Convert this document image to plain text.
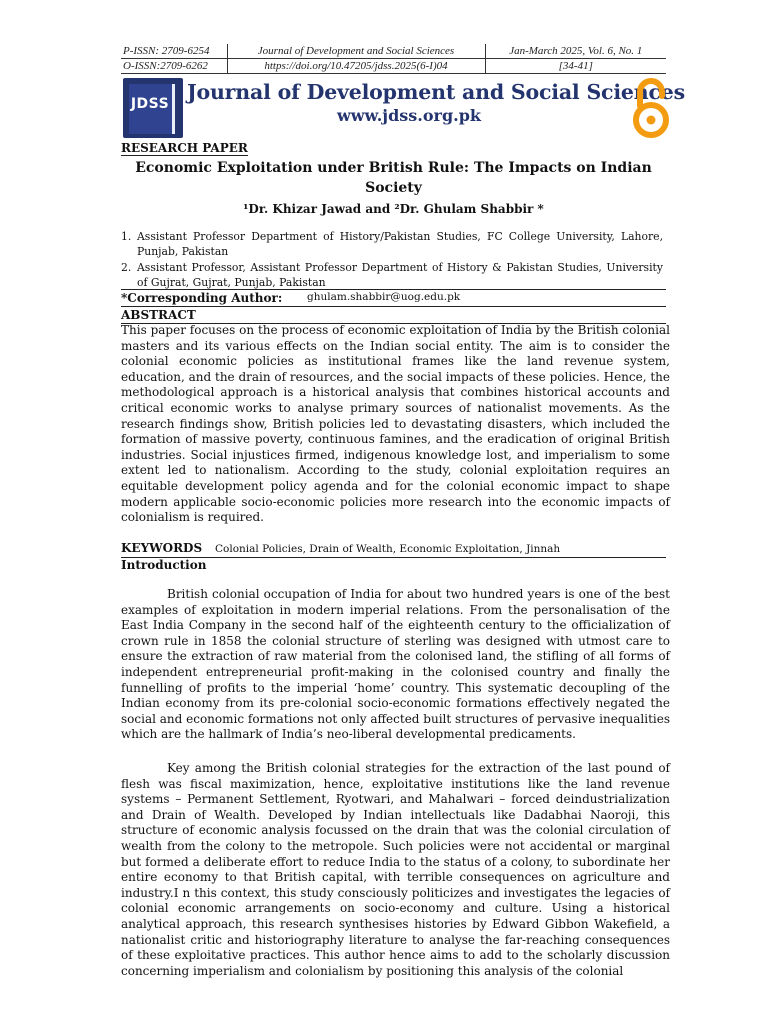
P-ISSN: 2709-6254	Journal of Development and Social Sciences	Jan-March 2025, Vol. 6, No. 1
O-ISSN:2709-6262	https://doi.org/10.47205/jdss.2025(6-I)04	[34-41]
JDSS Journal of Development and Social Sciences
www.jdss.org.pk
RESEARCH PAPER
Economic Exploitation under British Rule: The Impacts on Indian Society
¹Dr. Khizar Jawad and ²Dr. Ghulam Shabbir *
1. Assistant Professor Department of History/Pakistan Studies, FC College University, Lahore, Punjab, Pakistan
2. Assistant Professor, Assistant Professor Department of History & Pakistan Studies, University of Gujrat, Gujrat, Punjab, Pakistan
*Corresponding Author: ghulam.shabbir@uog.edu.pk
ABSTRACT
This paper focuses on the process of economic exploitation of India by the British colonial masters and its various effects on the Indian social entity. The aim is to consider the colonial economic policies as institutional frames like the land revenue system, education, and the drain of resources, and the social impacts of these policies. Hence, the methodological approach is a historical analysis that combines historical accounts and critical economic works to analyse primary sources of nationalist movements. As the research findings show, British policies led to devastating disasters, which included the formation of massive poverty, continuous famines, and the eradication of original British industries. Social injustices firmed, indigenous knowledge lost, and imperialism to some extent led to nationalism. According to the study, colonial exploitation requires an equitable development policy agenda and for the colonial economic impact to shape modern applicable socio-economic policies more research into the economic impacts of colonialism is required.
KEYWORDS Colonial Policies, Drain of Wealth, Economic Exploitation, Jinnah
Introduction
British colonial occupation of India for about two hundred years is one of the best examples of exploitation in modern imperial relations. From the personalisation of the East India Company in the second half of the eighteenth century to the officialization of crown rule in 1858 the colonial structure of sterling was designed with utmost care to ensure the extraction of raw material from the colonised land, the stifling of all forms of independent entrepreneurial profit-making in the colonised country and finally the funnelling of profits to the imperial ‘home’ country. This systematic decoupling of the Indian economy from its pre-colonial socio-economic formations effectively negated the social and economic formations not only affected built structures of pervasive inequalities which are the hallmark of India’s neo-liberal developmental predicaments.
Key among the British colonial strategies for the extraction of the last pound of flesh was fiscal maximization, hence, exploitative institutions like the land revenue systems – Permanent Settlement, Ryotwari, and Mahalwari – forced deindustrialization and Drain of Wealth. Developed by Indian intellectuals like Dadabhai Naoroji, this structure of economic analysis focussed on the drain that was the colonial circulation of wealth from the colony to the metropole. Such policies were not accidental or marginal but formed a deliberate effort to reduce India to the status of a colony, to subordinate her entire economy to that British capital, with terrible consequences on agriculture and industry.I n this context, this study consciously politicizes and investigates the legacies of colonial economic arrangements on socio-economy and culture. Using a historical analytical approach, this research synthesises histories by Edward Gibbon Wakefield, a nationalist critic and historiography literature to analyse the far-reaching consequences of these exploitative practices. This author hence aims to add to the scholarly discussion concerning imperialism and colonialism by positioning this analysis of the colonial
